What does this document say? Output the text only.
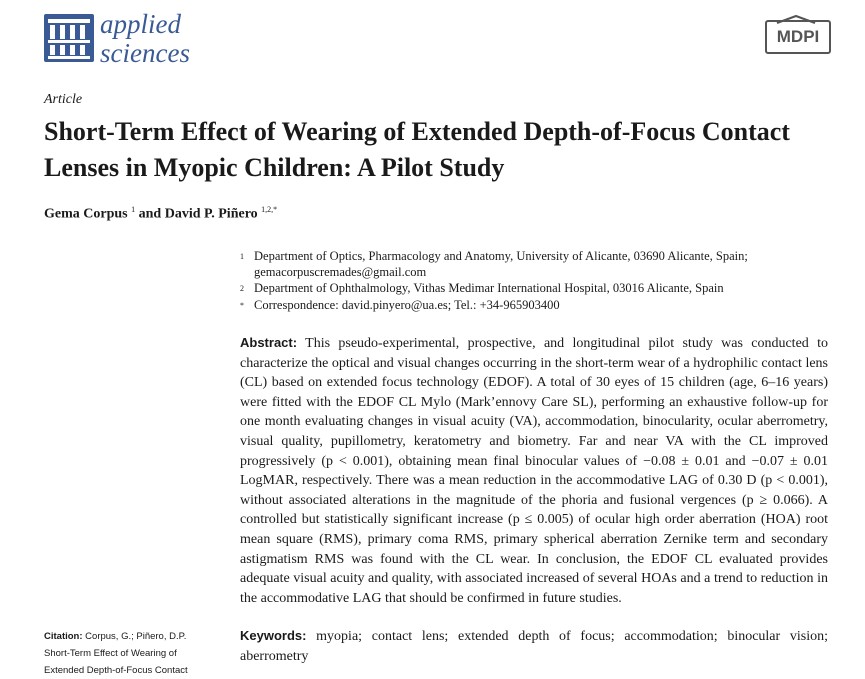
applied
sciences
MDPI
Article
Short-Term Effect of Wearing of Extended Depth-of-Focus Contact Lenses in Myopic Children: A Pilot Study
Gema Corpus $^1$ and David P. Piñero $^{1,2,*}$
1 Department of Optics, Pharmacology and Anatomy, University of Alicante, 03690 Alicante, Spain; gemacorpuscremades@gmail.com
2 Department of Ophthalmology, Vithas Medimar International Hospital, 03016 Alicante, Spain
* Correspondence: david.pinyero@ua.es; Tel.: +34-965903400

Abstract: This pseudo-experimental, prospective, and longitudinal pilot study was conducted to characterize the optical and visual changes occurring in the short-term wear of a hydrophilic contact lens (CL) based on extended focus technology (EDOF). A total of 30 eyes of 15 children (age, 6–16 years) were fitted with the EDOF CL Mylo (Mark’ennovy Care SL), performing an exhaustive follow-up for one month evaluating changes in visual acuity (VA), accommodation, binocularity, ocular aberrometry, visual quality, pupillometry, keratometry and biometry. Far and near VA with the CL improved progressively (p < 0.001), obtaining mean final binocular values of −0.08 ± 0.01 and −0.07 ± 0.01 LogMAR, respectively. There was a mean reduction in the accommodative LAG of 0.30 D (p < 0.001), without associated alterations in the magnitude of the phoria and fusional vergences (p ≥ 0.066). A controlled but statistically significant increase (p ≤ 0.005) of ocular high order aberration (HOA) root mean square (RMS), primary coma RMS, primary spherical aberration Zernike term and secondary astigmatism RMS was found with the CL wear. In conclusion, the EDOF CL evaluated provides adequate visual acuity and quality, with associated increased of several HOAs and a trend to reduction in the accommodative LAG that should be confirmed in future studies.

Citation: Corpus, G.; Piñero, D.P.
Short-Term Effect of Wearing of
Extended Depth-of-Focus Contact

Keywords: myopia; contact lens; extended depth of focus; accommodation; binocular vision; aberrometry
